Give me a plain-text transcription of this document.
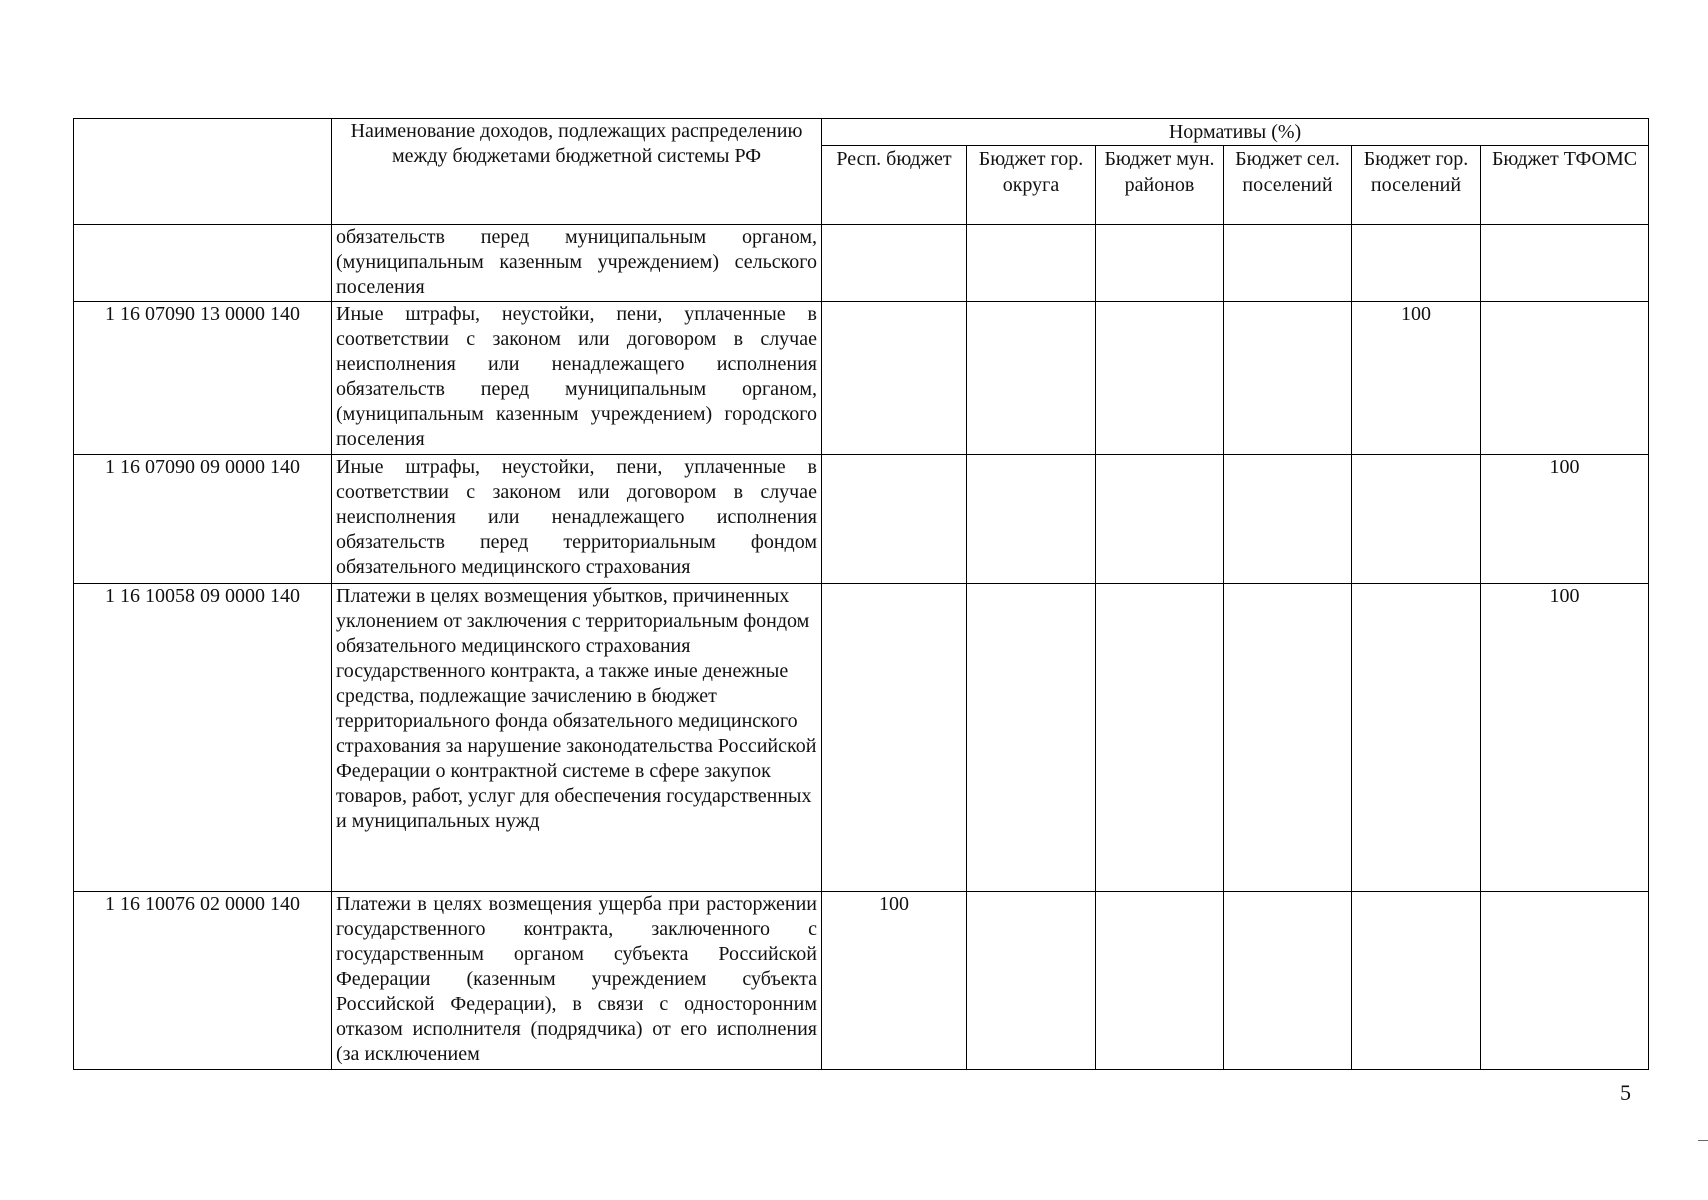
	Наименование доходов, подлежащих распределению между бюджетами бюджетной системы РФ	Нормативы (%)					
		Респ. бюджет	Бюджет гор. округа	Бюджет мун. районов	Бюджет сел. поселений	Бюджет гор. поселений	Бюджет ТФОМС
	обязательств перед муниципальным органом, (муниципальным казенным учреждением) сельского поселения						
1 16 07090 13 0000 140	Иные штрафы, неустойки, пени, уплаченные в соответствии с законом или договором в случае неисполнения или ненадлежащего исполнения обязательств перед муниципальным органом, (муниципальным казенным учреждением) городского поселения					100	
1 16 07090 09 0000 140	Иные штрафы, неустойки, пени, уплаченные в соответствии с законом или договором в случае неисполнения или ненадлежащего исполнения обязательств перед территориальным фондом обязательного медицинского страхования						100
1 16 10058 09 0000 140	Платежи в целях возмещения убытков, причиненных уклонением от заключения с территориальным фондом обязательного медицинского страхования государственного контракта, а также иные денежные средства, подлежащие зачислению в бюджет территориального фонда обязательного медицинского страхования за нарушение законодательства Российской Федерации о контрактной системе в сфере закупок товаров, работ, услуг для обеспечения государственных и муниципальных нужд						100
1 16 10076 02 0000 140	Платежи в целях возмещения ущерба при расторжении государственного контракта, заключенного с государственным органом субъекта Российской Федерации (казенным учреждением субъекта Российской Федерации), в связи с односторонним отказом исполнителя (подрядчика) от его исполнения (за исключением	100					
5
